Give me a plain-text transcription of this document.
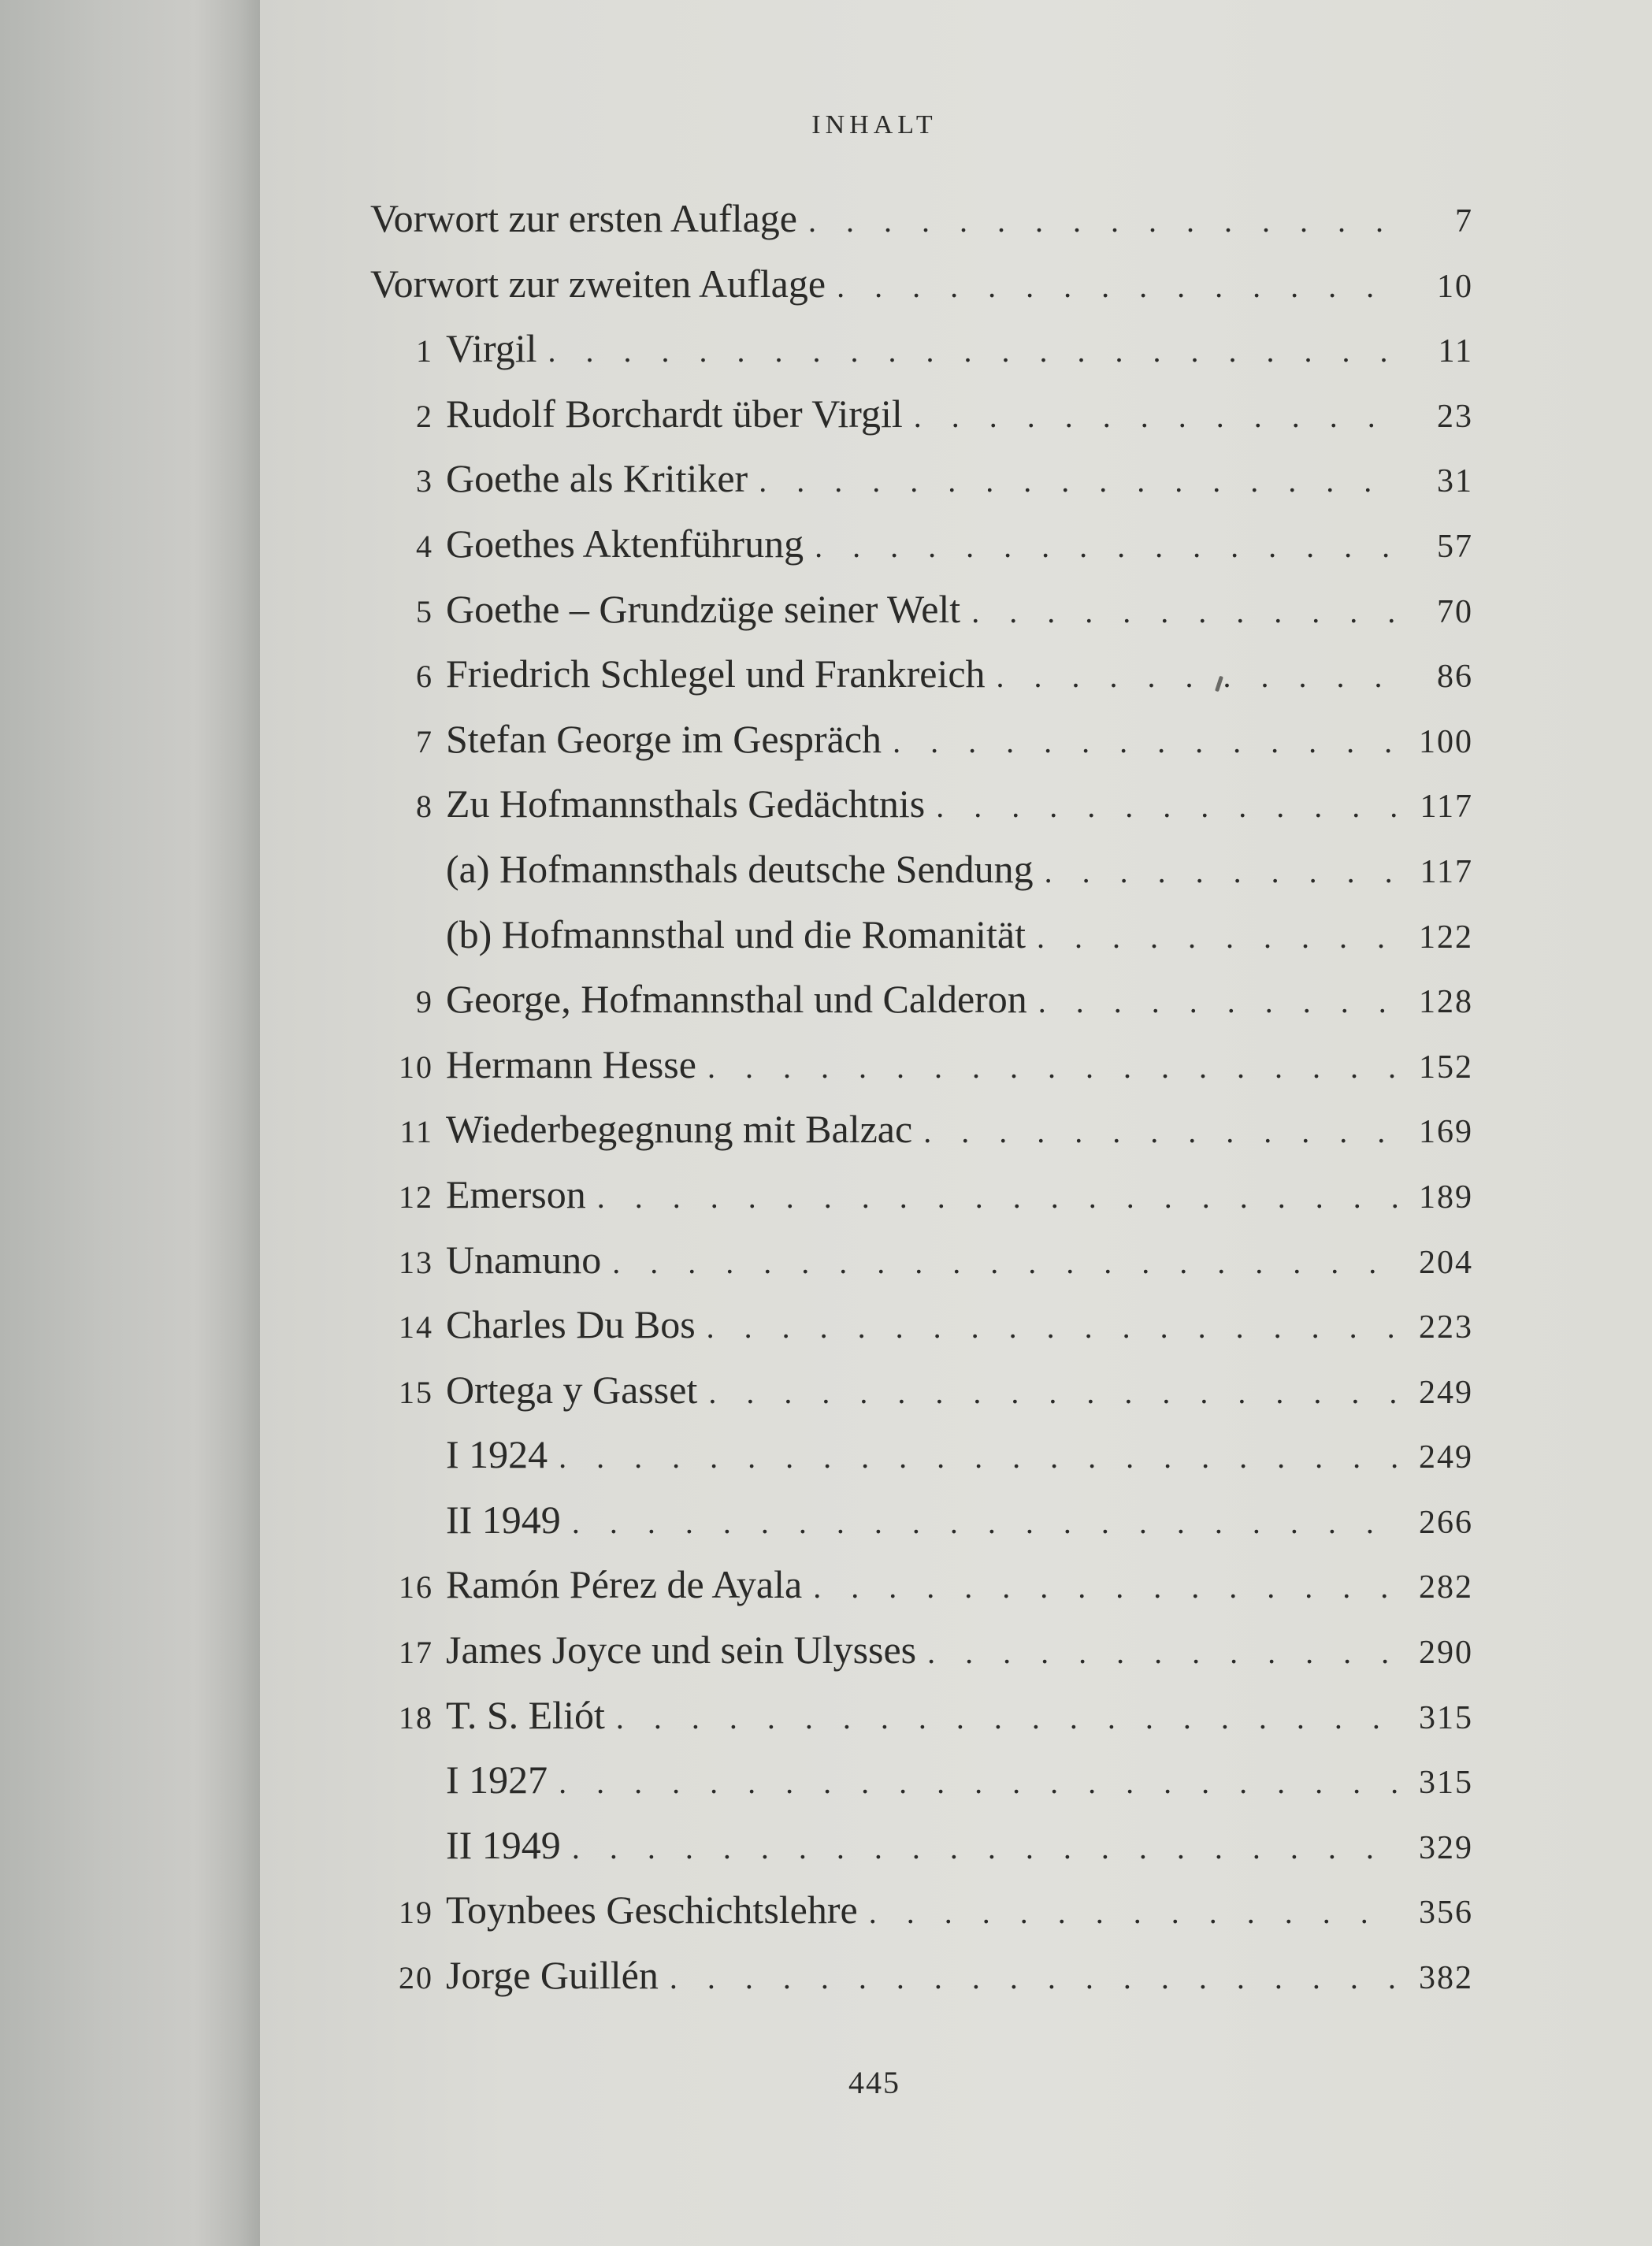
INHALT
Vorwort zur ersten Auflage . . .	7
Vorwort zur zweiten Auflage . . .	10
1 Virgil . . .	11
2 Rudolf Borchardt über Virgil . . .	23
3 Goethe als Kritiker . . .	31
4 Goethes Aktenführung . . .	57
5 Goethe – Grundzüge seiner Welt . . .	70
6 Friedrich Schlegel und Frankreich . . .	86
7 Stefan George im Gespräch . . .	100
8 Zu Hofmannsthals Gedächtnis . . .	117
(a) Hofmannsthals deutsche Sendung . . .	117
(b) Hofmannsthal und die Romanität . . .	122
9 George, Hofmannsthal und Calderon . . .	128
10 Hermann Hesse . . .	152
11 Wiederbegegnung mit Balzac . . .	169
12 Emerson . . .	189
13 Unamuno . . .	204
14 Charles Du Bos . . .	223
15 Ortega y Gasset . . .	249
I 1924 . . .	249
II 1949 . . .	266
16 Ramón Pérez de Ayala . . .	282
17 James Joyce und sein Ulysses . . .	290
18 T. S. Eliót . . .	315
I 1927 . . .	315
II 1949 . . .	329
19 Toynbees Geschichtslehre . . .	356
20 Jorge Guillén . . .	382
445
